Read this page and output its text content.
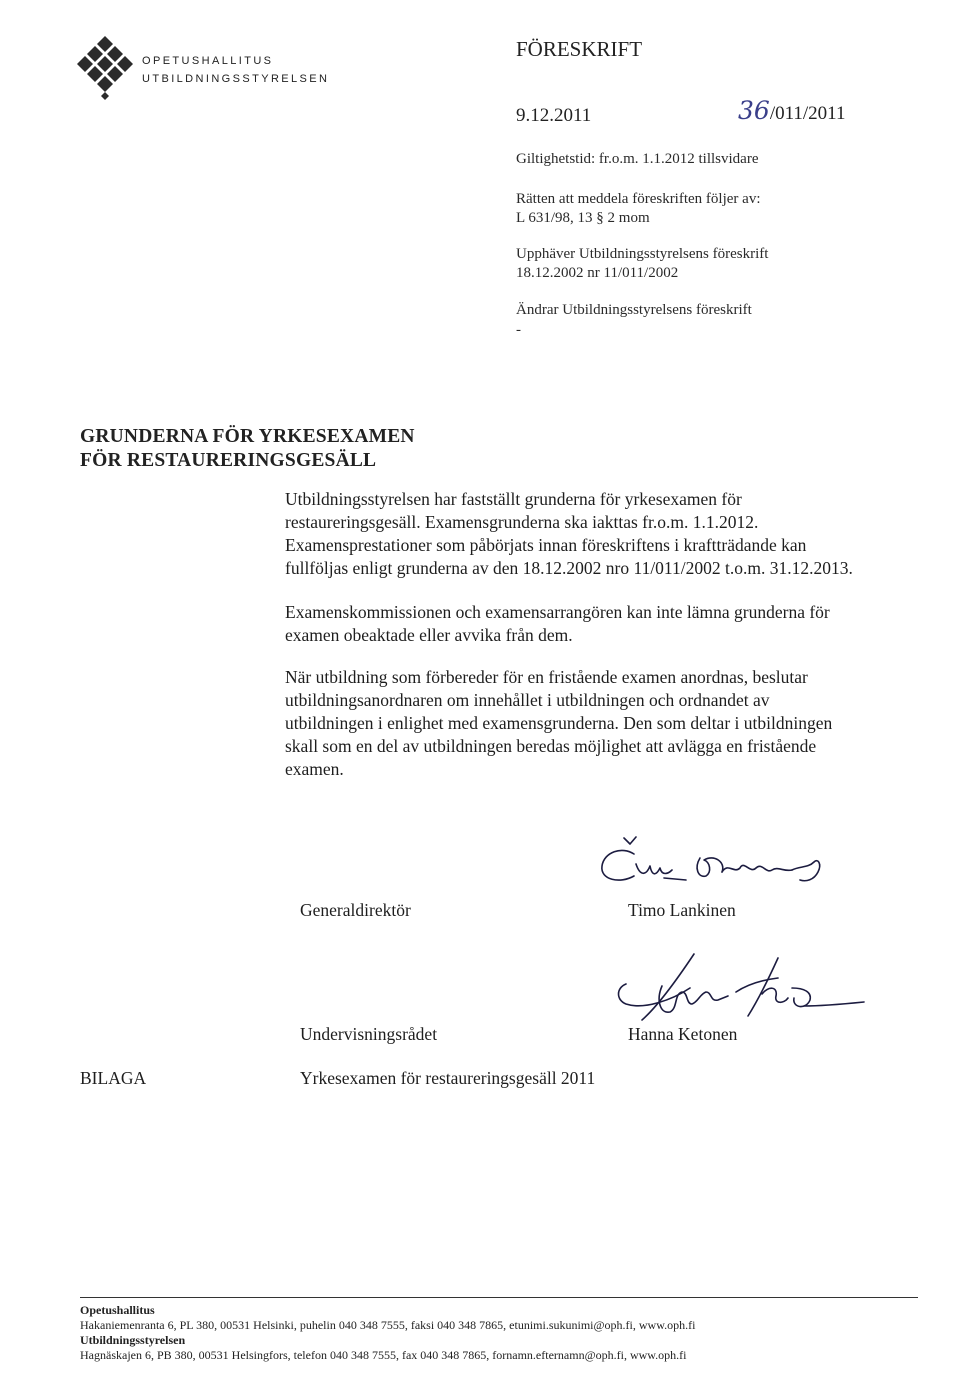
OPETUSHALLITUS
UTBILDNINGSSTYRELSEN
FÖRESKRIFT
9.12.2011	36/011/2011
Giltighetstid: fr.o.m. 1.1.2012 tillsvidare
Rätten att meddela föreskriften följer av:
L 631/98, 13 § 2 mom
Upphäver Utbildningsstyrelsens föreskrift
18.12.2002 nr 11/011/2002
Ändrar Utbildningsstyrelsens föreskrift
-
GRUNDERNA FÖR YRKESEXAMEN
FÖR RESTAURERINGSGESÄLL
Utbildningsstyrelsen har fastställt grunderna för yrkesexamen för
restaureringsgesäll. Examensgrunderna ska iakttas fr.o.m. 1.1.2012.
Examensprestationer som påbörjats innan föreskriftens i kraftträdande kan
fullföljas enligt grunderna av den 18.12.2002 nro 11/011/2002 t.o.m. 31.12.2013.
Examenskommissionen och examensarrangören kan inte lämna grunderna för
examen obeaktade eller avvika från dem.
När utbildning som förbereder för en fristående examen anordnas, beslutar
utbildningsanordnaren om innehållet i utbildningen och ordnandet av
utbildningen i enlighet med examensgrunderna. Den som deltar i utbildningen
skall som en del av utbildningen beredas möjlighet att avlägga en fristående
examen.
Generaldirektör	Timo Lankinen
Undervisningsrådet	Hanna Ketonen
BILAGA	Yrkesexamen för restaureringsgesäll 2011
Opetushallitus
Hakaniemenranta 6, PL 380, 00531 Helsinki, puhelin 040 348 7555, faksi 040 348 7865, etunimi.sukunimi@oph.fi, www.oph.fi
Utbildningsstyrelsen
Hagnäskajen 6, PB 380, 00531 Helsingfors, telefon 040 348 7555, fax 040 348 7865, fornamn.efternamn@oph.fi, www.oph.fi
